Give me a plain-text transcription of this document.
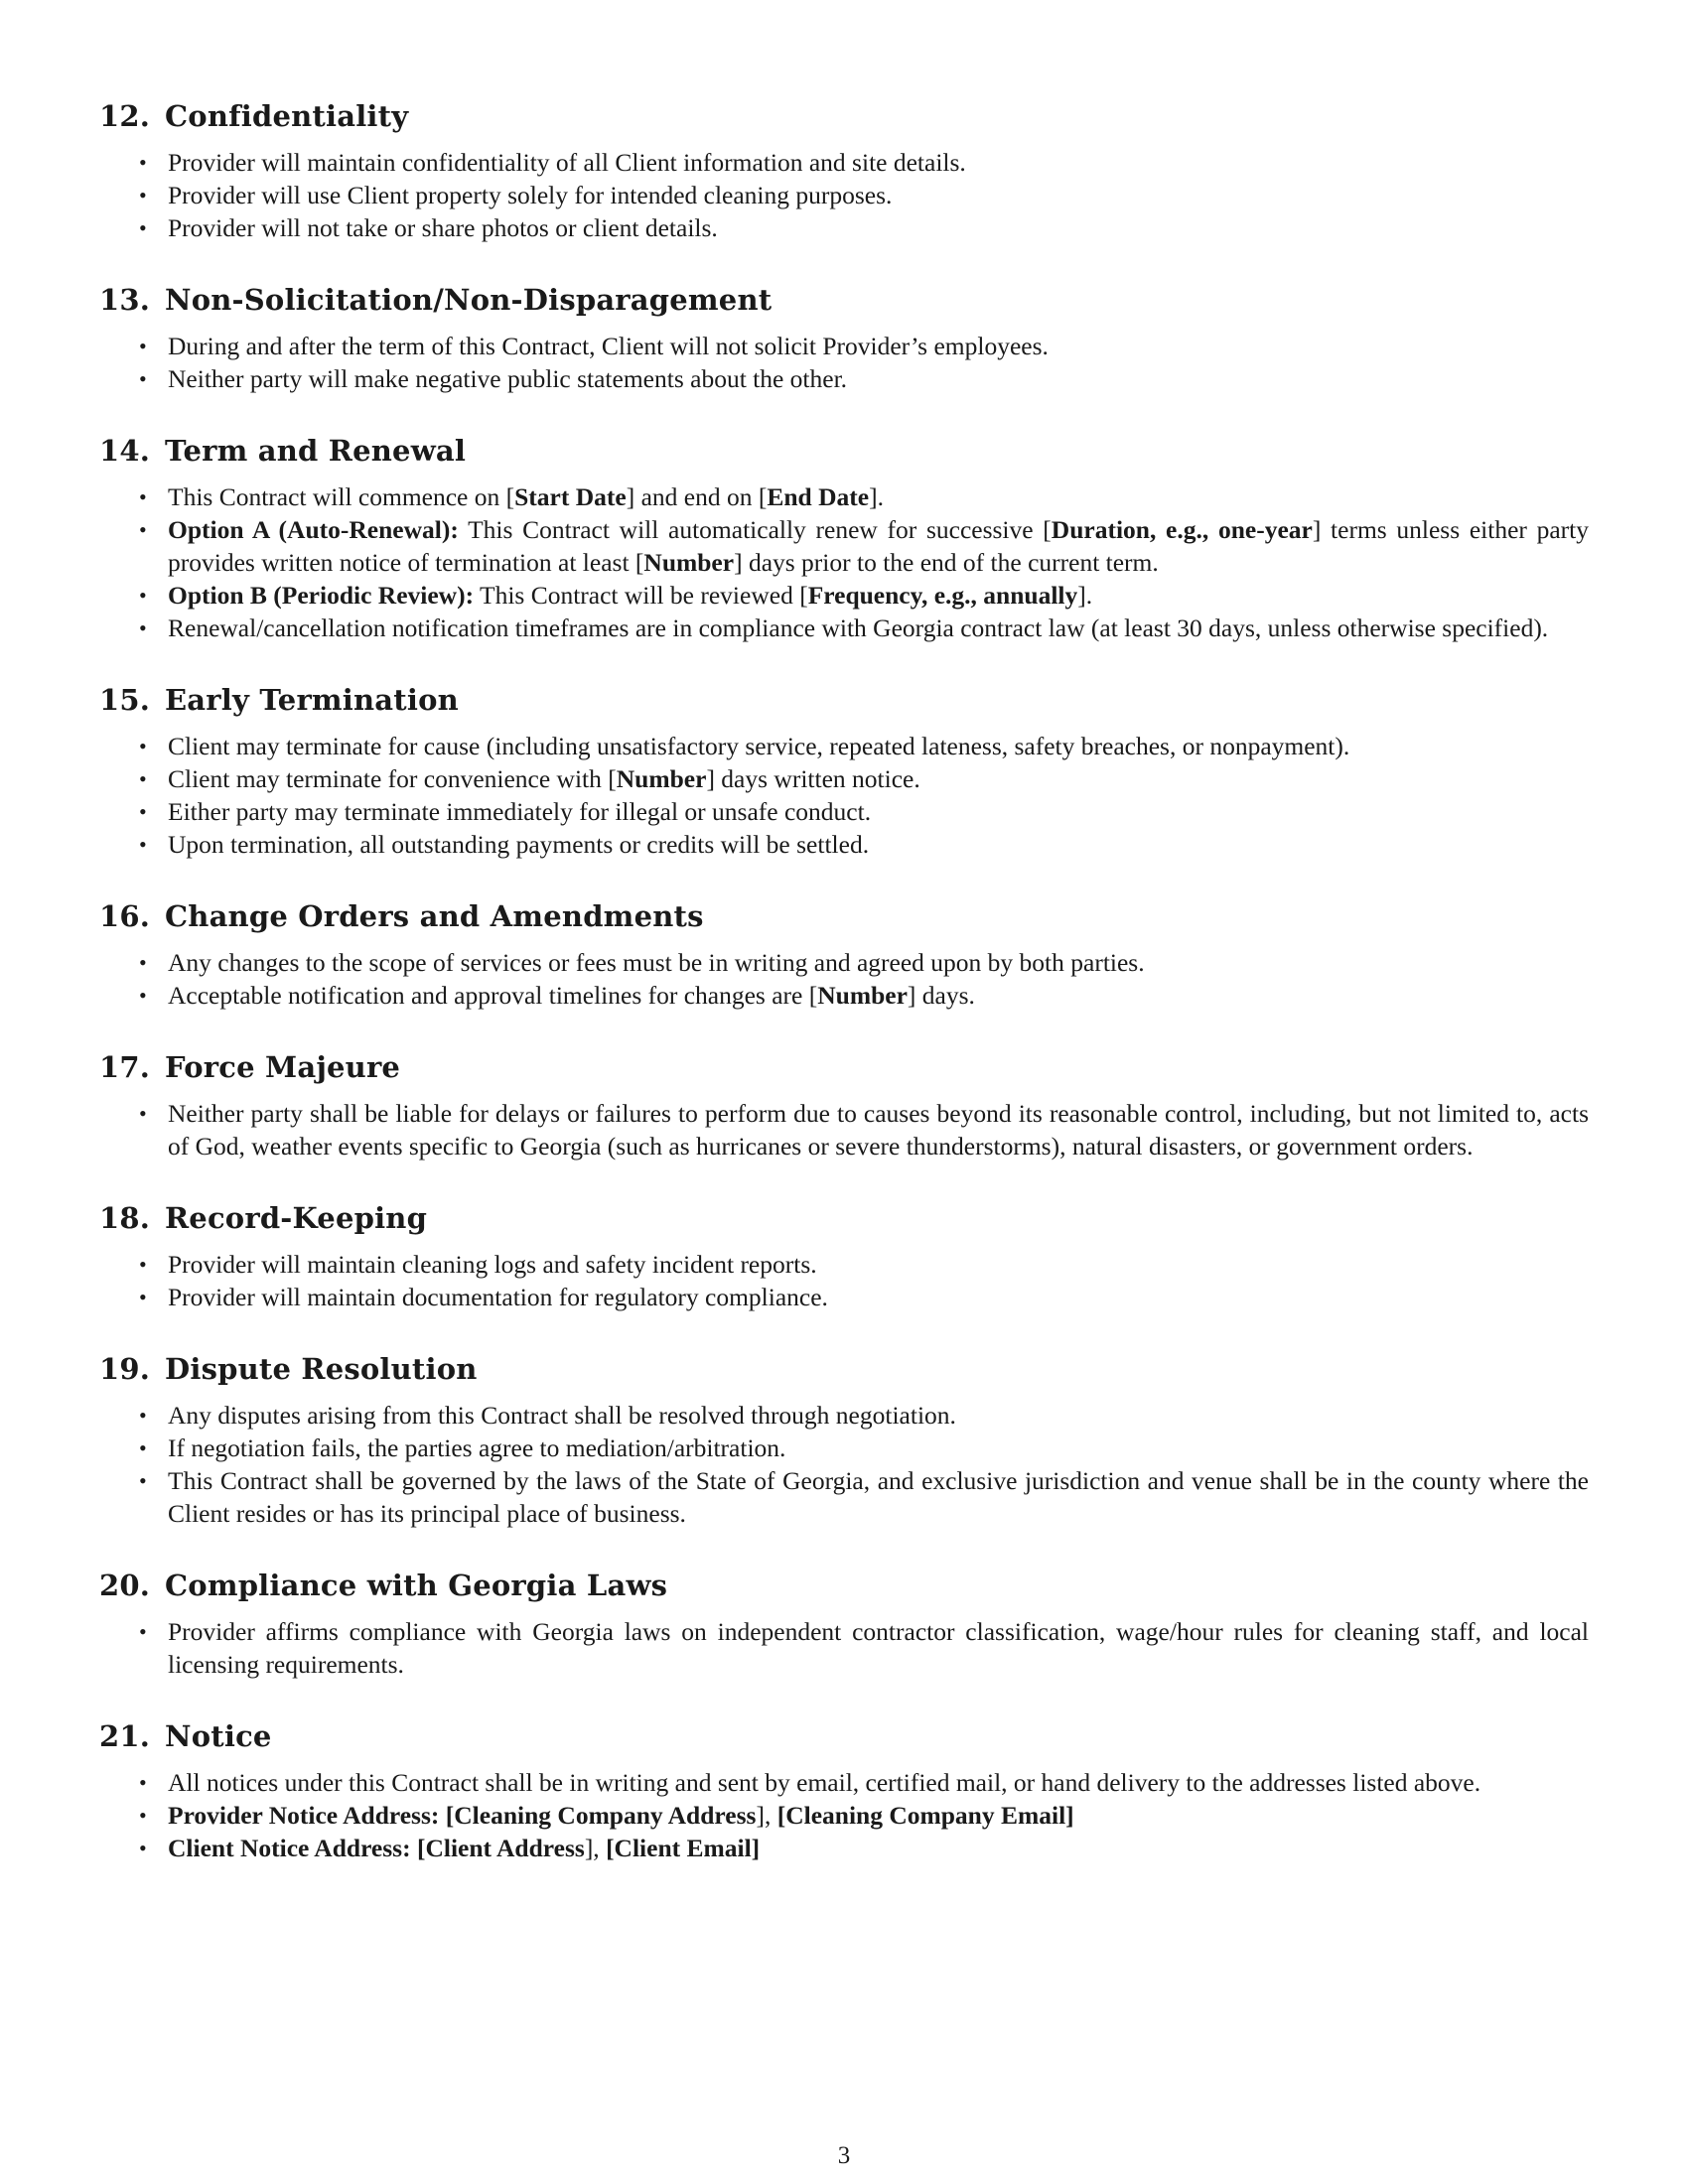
12. Confidentiality
• Provider will maintain confidentiality of all Client information and site details.
• Provider will use Client property solely for intended cleaning purposes.
• Provider will not take or share photos or client details.
13. Non-Solicitation/Non-Disparagement
• During and after the term of this Contract, Client will not solicit Provider’s employees.
• Neither party will make negative public statements about the other.
14. Term and Renewal
• This Contract will commence on [Start Date] and end on [End Date].
• Option A (Auto-Renewal): This Contract will automatically renew for successive [Duration, e.g., one-year] terms unless either party provides written notice of termination at least [Number] days prior to the end of the current term.
• Option B (Periodic Review): This Contract will be reviewed [Frequency, e.g., annually].
• Renewal/cancellation notification timeframes are in compliance with Georgia contract law (at least 30 days, unless otherwise specified).
15. Early Termination
• Client may terminate for cause (including unsatisfactory service, repeated lateness, safety breaches, or nonpayment).
• Client may terminate for convenience with [Number] days written notice.
• Either party may terminate immediately for illegal or unsafe conduct.
• Upon termination, all outstanding payments or credits will be settled.
16. Change Orders and Amendments
• Any changes to the scope of services or fees must be in writing and agreed upon by both parties.
• Acceptable notification and approval timelines for changes are [Number] days.
17. Force Majeure
• Neither party shall be liable for delays or failures to perform due to causes beyond its reasonable control, including, but not limited to, acts of God, weather events specific to Georgia (such as hurricanes or severe thunderstorms), natural disasters, or government orders.
18. Record-Keeping
• Provider will maintain cleaning logs and safety incident reports.
• Provider will maintain documentation for regulatory compliance.
19. Dispute Resolution
• Any disputes arising from this Contract shall be resolved through negotiation.
• If negotiation fails, the parties agree to mediation/arbitration.
• This Contract shall be governed by the laws of the State of Georgia, and exclusive jurisdiction and venue shall be in the county where the Client resides or has its principal place of business.
20. Compliance with Georgia Laws
• Provider affirms compliance with Georgia laws on independent contractor classification, wage/hour rules for cleaning staff, and local licensing requirements.
21. Notice
• All notices under this Contract shall be in writing and sent by email, certified mail, or hand delivery to the addresses listed above.
• Provider Notice Address: [Cleaning Company Address], [Cleaning Company Email]
• Client Notice Address: [Client Address], [Client Email]
3
